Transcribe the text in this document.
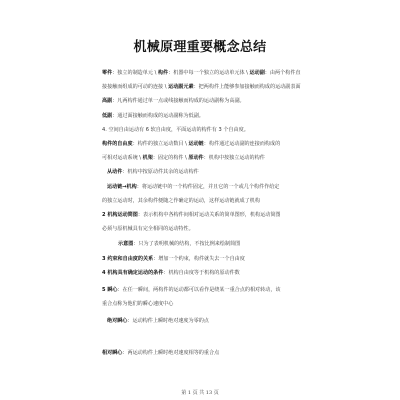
机械原理重要概念总结
零件：独立的制造单元 \ 构件：机器中每一个独立的运动单元体 \ 运动副：由两个构件直
接接触而组成的可动的连接 \ 运动副元素：把两构件上能够参加接触而构成的运动副表面
高副：凡两构件通过单一点或线接触而构成的运动副称为高副。
低副：通过面接触而构成的运动副称为低副。
4. 空间自由运动有 6 软自由度，平面运动的构件有 3 个自由度。
构件的自由度：构件的独立运动数目 \ 运动链：构件通过运动副的连接而构成的
可相对运动系统 \ 机架：固定的构件 \ 原动件：机构中按独立运动的构件
从动件：机构中按原动件其余的运动构件
运动链→机构：将运动链中的一个构件固定，并且它的一个或几个构件作给定
的独立运动时，其余构件便随之作确定的运动，这样运动链就成了机构
2 机构运动简图：表示机构中各构件间相对运动关系的简单图形，机构运动简图
必须与原机械具有完全相同的运动特性。
示意图：只为了表明机械的结构，不按比例来绘制简图
3 约束和自由度的关系：增加一个约束，构件就失去一个自由度
4 机构具有确定运动的条件：机构自由度等于机构的原动件数
5 瞬心：在任一瞬间，两构件的运动都可以看作是绕某一重合点的相对转动，该
重合点称为他们的瞬心速度中心
绝对瞬心：运动构件上瞬时绝对速度为零的点
相对瞬心：两运动构件上瞬时绝对速度相等的重合点
第 1 页 共 13 页
